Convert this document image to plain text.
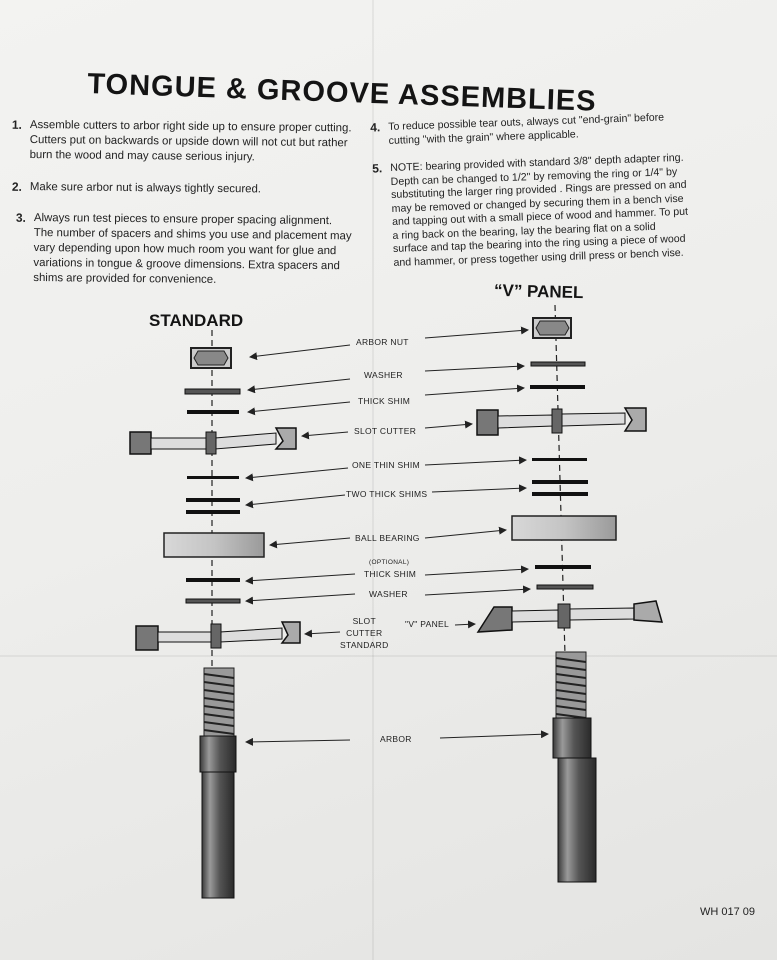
TONGUE & GROOVE ASSEMBLIES
1. Assemble cutters to arbor right side up to ensure proper cutting. Cutters put on backwards or upside down will not cut but rather burn the wood and may cause serious injury.
2. Make sure arbor nut is always tightly secured.
3. Always run test pieces to ensure proper spacing alignment. The number of spacers and shims you use and placement may vary depending upon how much room you want for glue and variations in tongue & groove dimensions. Extra spacers and shims are provided for convenience.
4. To reduce possible tear outs, always cut "end-grain" before cutting "with the grain" where applicable.
5. NOTE: bearing provided with standard 3/8" depth adapter ring. Depth can be changed to 1/2" by removing the ring or 1/4" by substituting the larger ring provided . Rings are pressed on and may be removed or changed by securing them in a bench vise and tapping out with a small piece of wood and hammer. To put a ring back on the bearing, lay the bearing flat on a solid surface and tap the bearing into the ring using a piece of wood and hammer, or press together using drill press or bench vise.
STANDARD
“V” PANEL
ARBOR NUT
WASHER
THICK SHIM
SLOT CUTTER
ONE THIN SHIM
TWO THICK SHIMS
BALL BEARING
(OPTIONAL)
THICK SHIM
WASHER
SLOT
CUTTER
STANDARD
"V" PANEL
ARBOR
WH 017 09
